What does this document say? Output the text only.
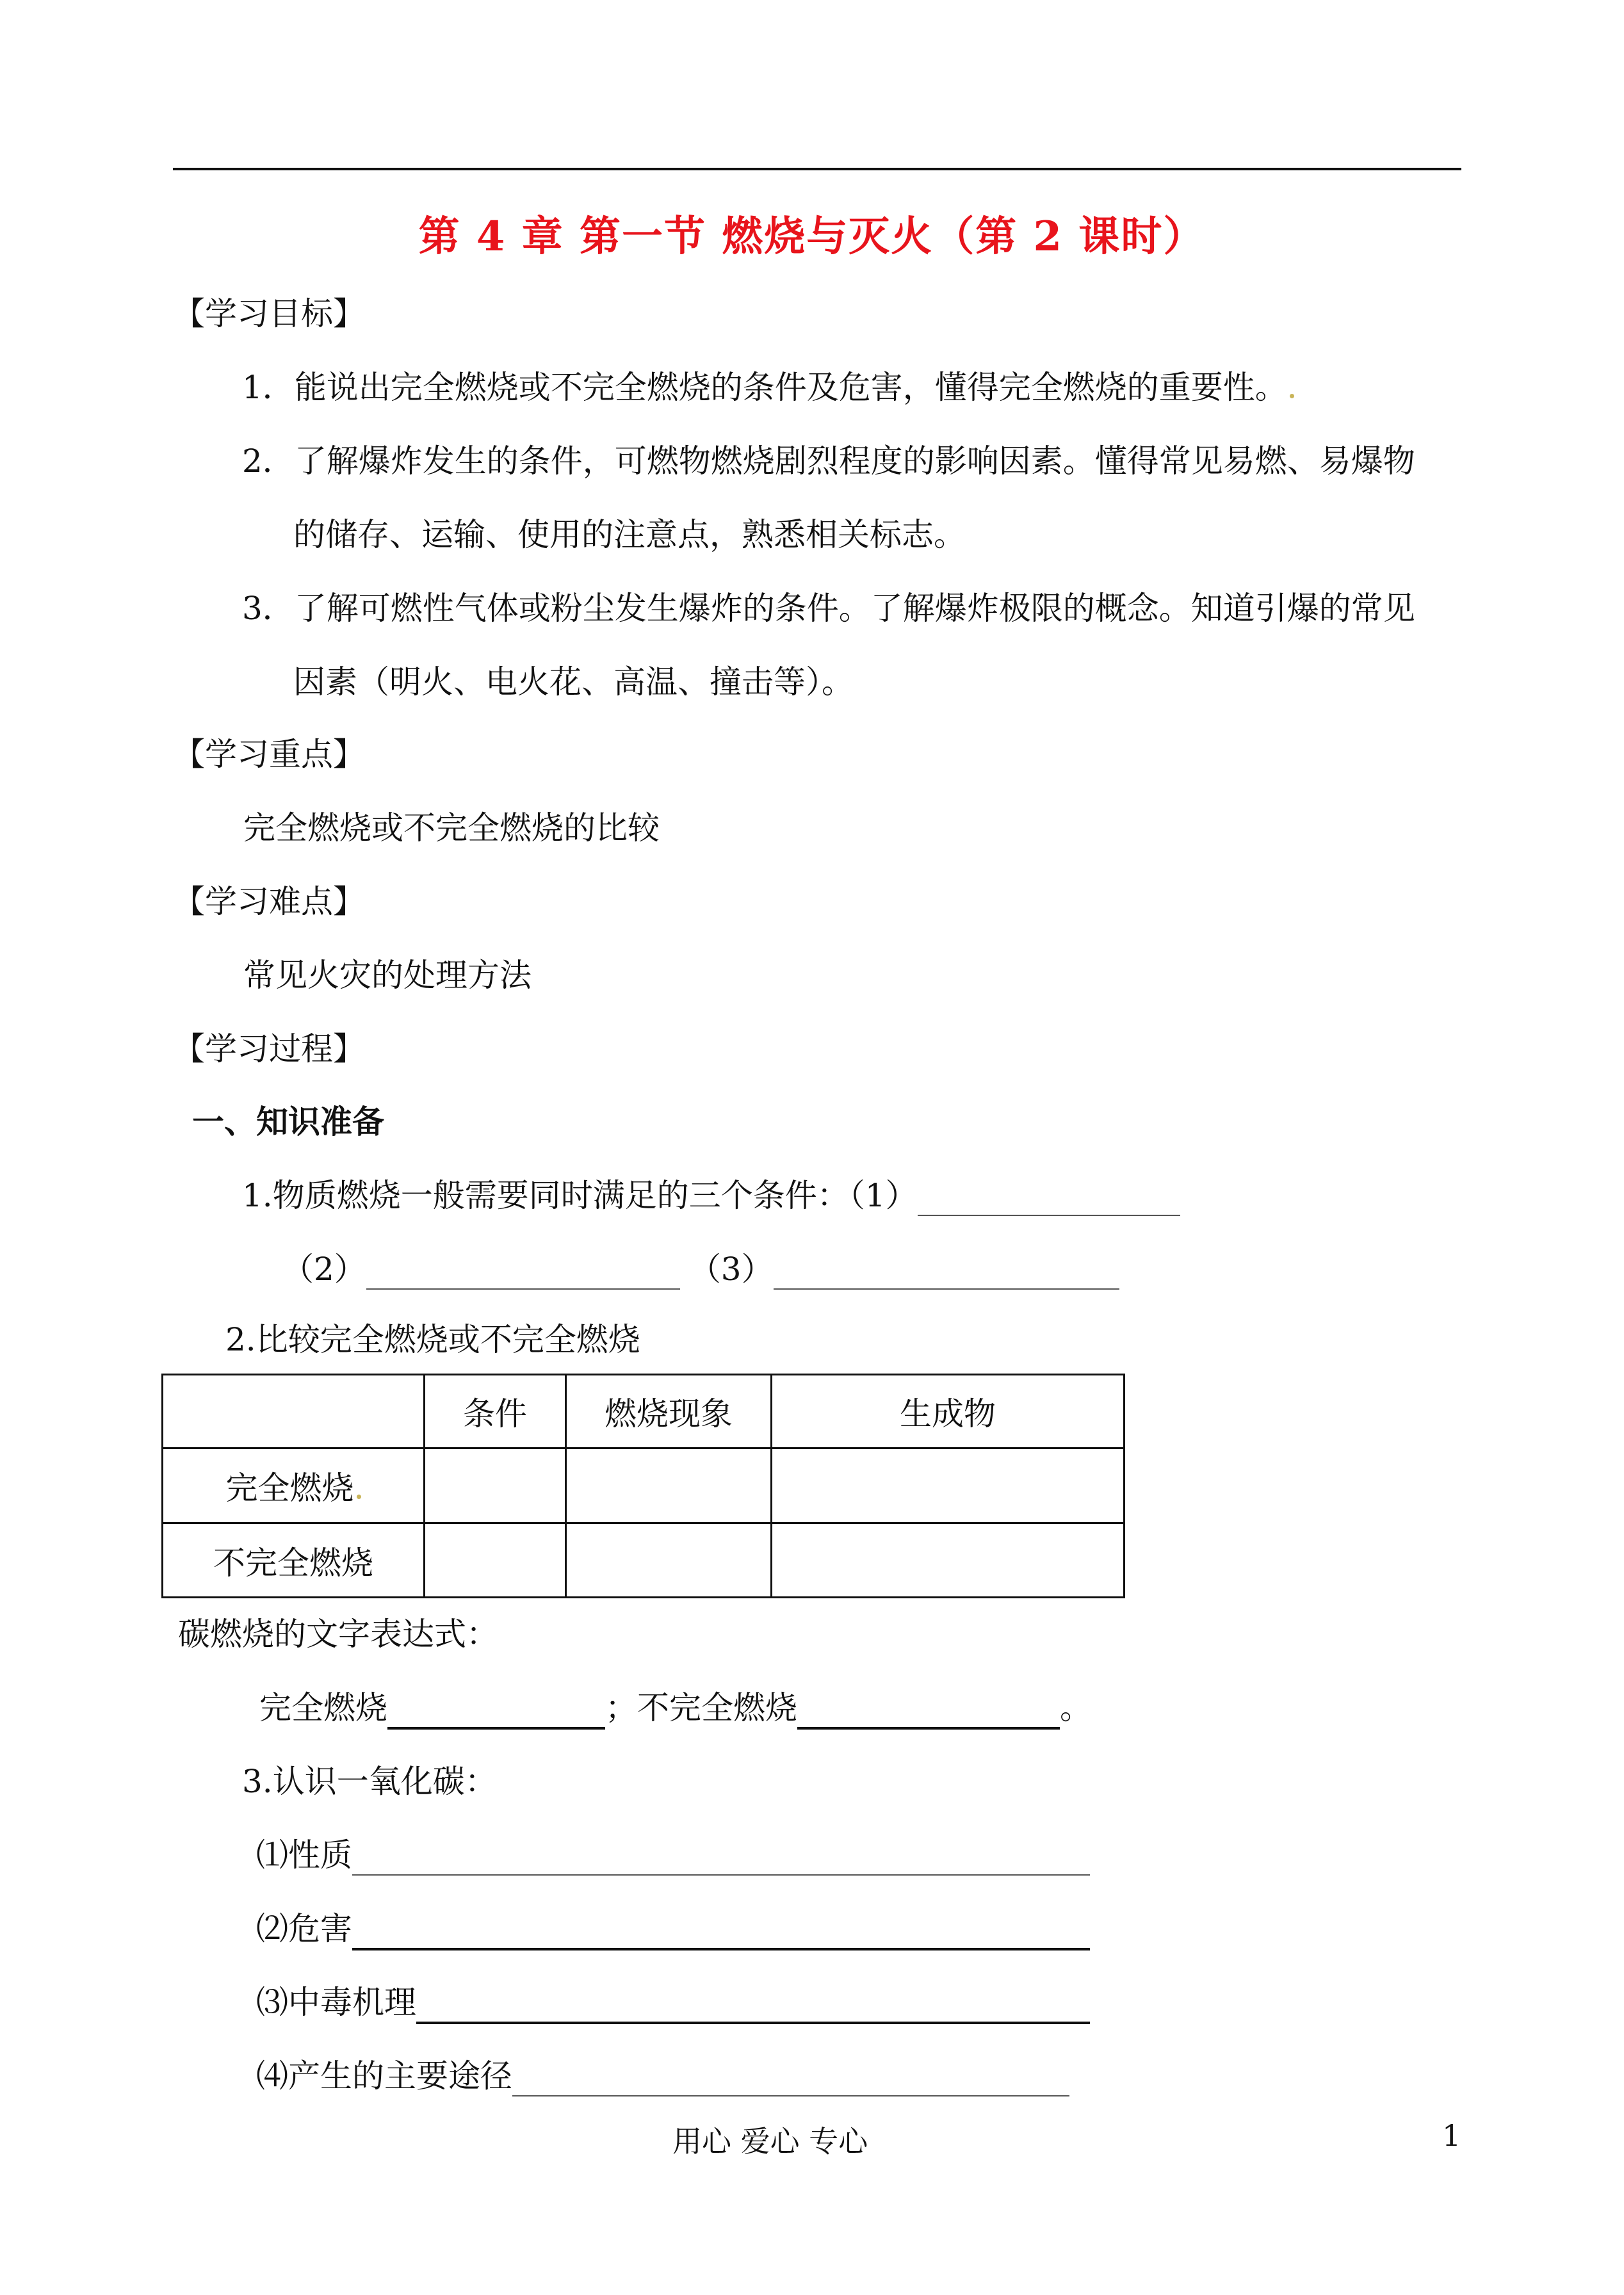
第 4 章 第一节 燃烧与灭火（第 2 课时）
【学习目标】
1．能说出完全燃烧或不完全燃烧的条件及危害，懂得完全燃烧的重要性。
2．了解爆炸发生的条件，可燃物燃烧剧烈程度的影响因素。懂得常见易燃、易爆物
的储存、运输、使用的注意点，熟悉相关标志。
3．了解可燃性气体或粉尘发生爆炸的条件。了解爆炸极限的概念。知道引爆的常见
因素（明火、电火花、高温、撞击等）。
【学习重点】
完全燃烧或不完全燃烧的比较
【学习难点】
常见火灾的处理方法
【学习过程】
一、知识准备
1.物质燃烧一般需要同时满足的三个条件：（1）
（2）	（3）
2.比较完全燃烧或不完全燃烧
	条件	燃烧现象	生成物
完全燃烧			
不完全燃烧			
碳燃烧的文字表达式：
完全燃烧	；不完全燃烧	。
3.认识一氧化碳：
⑴性质
⑵危害
⑶中毒机理
⑷产生的主要途径
用心 爱心 专心	1
